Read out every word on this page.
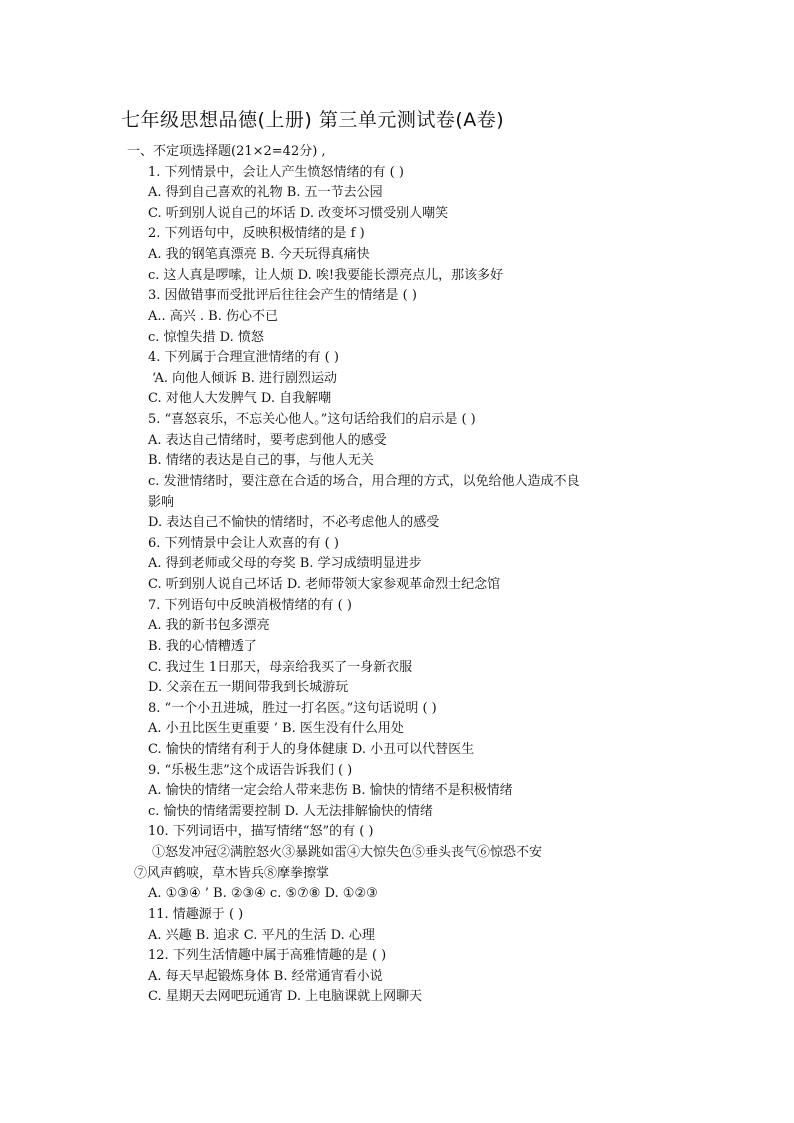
七年级思想品德(上册) 第三单元测试卷(A卷)
一、不定项选择题(21×2=42分) ,
1. 下列情景中，会让人产生愤怒情绪的有 ( )
A. 得到自己喜欢的礼物 B. 五一节去公园
C. 听到别人说自己的坏话 D. 改变坏习惯受别人嘲笑
2. 下列语句中，反映积极情绪的是 f )
A. 我的钢笔真漂亮 B. 今天玩得真痛快
c. 这人真是啰嗦，让人烦 D. 唉!我要能长漂亮点儿，那该多好
3. 因做错事而受批评后往往会产生的情绪是 ( )
A.. 高兴 . B. 伤心不已
c. 惊惶失措 D. 愤怒
4. 下列属于合理宣泄情绪的有 ( )
‘A. 向他人倾诉 B. 进行剧烈运动
C. 对他人大发脾气 D. 自我解嘲
5. “喜怒哀乐，不忘关心他人。”这句话给我们的启示是 ( )
A. 表达自己情绪时，要考虑到他人的感受
B. 情绪的表达是自己的事，与他人无关
c. 发泄情绪时，要注意在合适的场合，用合理的方式，以免给他人造成不良
影响
D. 表达自己不愉快的情绪时，不必考虑他人的感受
6. 下列情景中会让人欢喜的有 ( )
A. 得到老师或父母的夸奖 B. 学习成绩明显进步
C. 听到别人说自己坏话 D. 老师带领大家参观革命烈士纪念馆
7. 下列语句中反映消极情绪的有 ( )
A. 我的新书包多漂亮
B. 我的心情糟透了
C. 我过生 1日那天，母亲给我买了一身新衣服
D. 父亲在五一期间带我到长城游玩
8. “一个小丑进城，胜过一打名医。”这句话说明 ( )
A. 小丑比医生更重要 ’ B. 医生没有什么用处
C. 愉快的情绪有利于人的身体健康 D. 小丑可以代替医生
9. “乐极生悲”这个成语告诉我们 ( )
A. 愉快的情绪一定会给人带来悲伤 B. 愉快的情绪不是积极情绪
c. 愉快的情绪需要控制 D. 人无法排解愉快的情绪
10. 下列词语中，描写情绪“怒”的有 ( )
①怒发冲冠②满腔怒火③暴跳如雷④大惊失色⑤垂头丧气⑥惊恐不安
⑦风声鹤唳，草木皆兵⑧摩拳擦掌
A. ①③④ ’ B. ②③④ c. ⑤⑦⑧ D. ①②③
11. 情趣源于 ( )
A. 兴趣 B. 追求 C. 平凡的生活 D. 心理
12. 下列生活情趣中属于高雅情趣的是 ( )
A. 每天早起锻炼身体 B. 经常通宵看小说
C. 星期天去网吧玩通宵 D. 上电脑课就上网聊天
